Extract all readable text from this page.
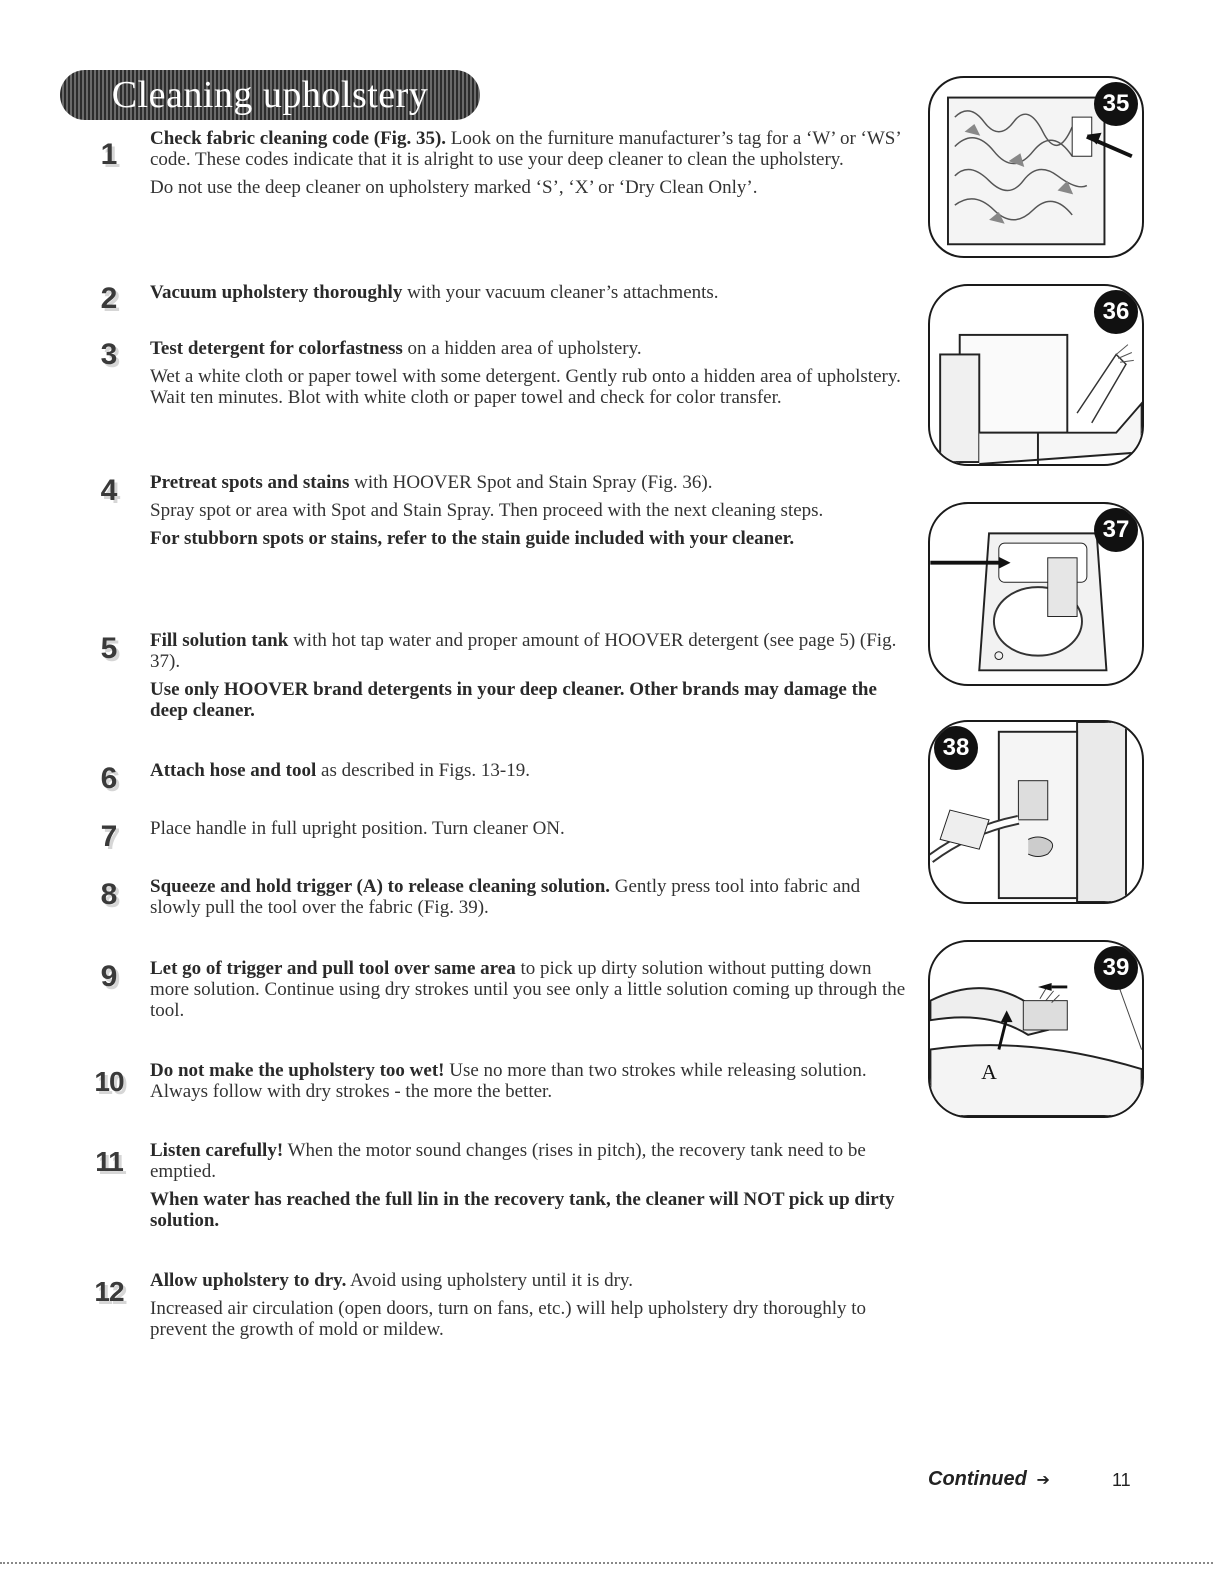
Cleaning upholstery
1	Check fabric cleaning code (Fig. 35). Look on the furniture manufacturer’s tag for a ‘W’ or ‘WS’ code. These codes indicate that it is alright to use your deep cleaner to clean the upholstery.

Do not use the deep cleaner on upholstery marked ‘S’, ‘X’ or ‘Dry Clean Only’.

2	Vacuum upholstery thoroughly with your vacuum cleaner’s attachments.

3	Test detergent for colorfastness on a hidden area of upholstery.

Wet a white cloth or paper towel with some detergent. Gently rub onto a hidden area of upholstery. Wait ten minutes. Blot with white cloth or paper towel and check for color transfer.

4	Pretreat spots and stains with HOOVER Spot and Stain Spray (Fig. 36).

Spray spot or area with Spot and Stain Spray. Then proceed with the next cleaning steps.

For stubborn spots or stains, refer to the stain guide included with your cleaner.

5	Fill solution tank with hot tap water and proper amount of HOOVER detergent (see page 5) (Fig. 37).

Use only HOOVER brand detergents in your deep cleaner. Other brands may damage the deep cleaner.

6	Attach hose and tool as described in Figs. 13-19.

7	Place handle in full upright position. Turn cleaner ON.

8	Squeeze and hold trigger (A) to release cleaning solution. Gently press tool into fabric and slowly pull the tool over the fabric (Fig. 39).

9	Let go of trigger and pull tool over same area to pick up dirty solution without putting down more solution. Continue using dry strokes until you see only a little solution coming up through the tool.

10	Do not make the upholstery too wet! Use no more than two strokes while releasing solution. Always follow with dry strokes - the more the better.

11	Listen carefully! When the motor sound changes (rises in pitch), the recovery tank need to be emptied.

When water has reached the full lin in the recovery tank, the cleaner will NOT pick up dirty solution.

12	Allow upholstery to dry. Avoid using upholstery until it is dry.

Increased air circulation (open doors, turn on fans, etc.) will help upholstery dry thoroughly to prevent the growth of mold or mildew.

35
36
37
38
A
39
Continued ➔	11
